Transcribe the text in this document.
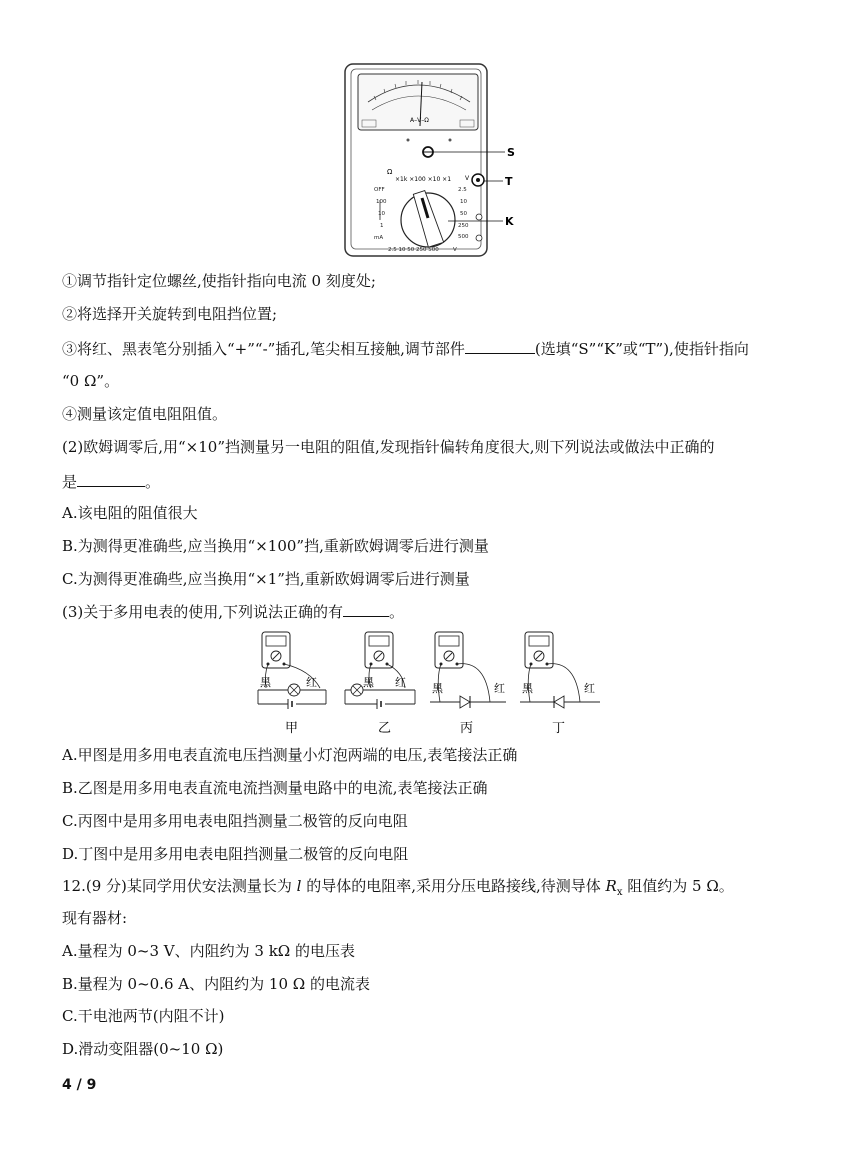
A–V–Ω
S
Ω
×1k ×100 ×10 ×1 V
OFF
100
10
1
mA
2.5
10
50
250
500
2.5 10 50 250 500	V
T
K
①调节指针定位螺丝,使指针指向电流 0 刻度处;
②将选择开关旋转到电阻挡位置;
③将红、黑表笔分别插入“+”“-”插孔,笔尖相互接触,调节部件	(选填“S”“K”或“T”),使指针指向
“0 Ω”。
④测量该定值电阻阻值。
(2)欧姆调零后,用“×10”挡测量另一电阻的阻值,发现指针偏转角度很大,则下列说法或做法中正确的
是	。
A.该电阻的阻值很大
B.为测得更准确些,应当换用“×100”挡,重新欧姆调零后进行测量
C.为测得更准确些,应当换用“×1”挡,重新欧姆调零后进行测量
(3)关于多用电表的使用,下列说法正确的有	。
黑	红
甲
黑 红
乙
黑	红
丙
黑	红
丁
A.甲图是用多用电表直流电压挡测量小灯泡两端的电压,表笔接法正确
B.乙图是用多用电表直流电流挡测量电路中的电流,表笔接法正确
C.丙图中是用多用电表电阻挡测量二极管的反向电阻
D.丁图中是用多用电表电阻挡测量二极管的反向电阻
12.(9 分)某同学用伏安法测量长为 l 的导体的电阻率,采用分压电路接线,待测导体 $R_x$ 阻值约为 5 Ω。
现有器材:
A.量程为 0~3 V、内阻约为 3 kΩ 的电压表
B.量程为 0~0.6 A、内阻约为 10 Ω 的电流表
C.干电池两节(内阻不计)
D.滑动变阻器(0~10 Ω)
4 / 9
